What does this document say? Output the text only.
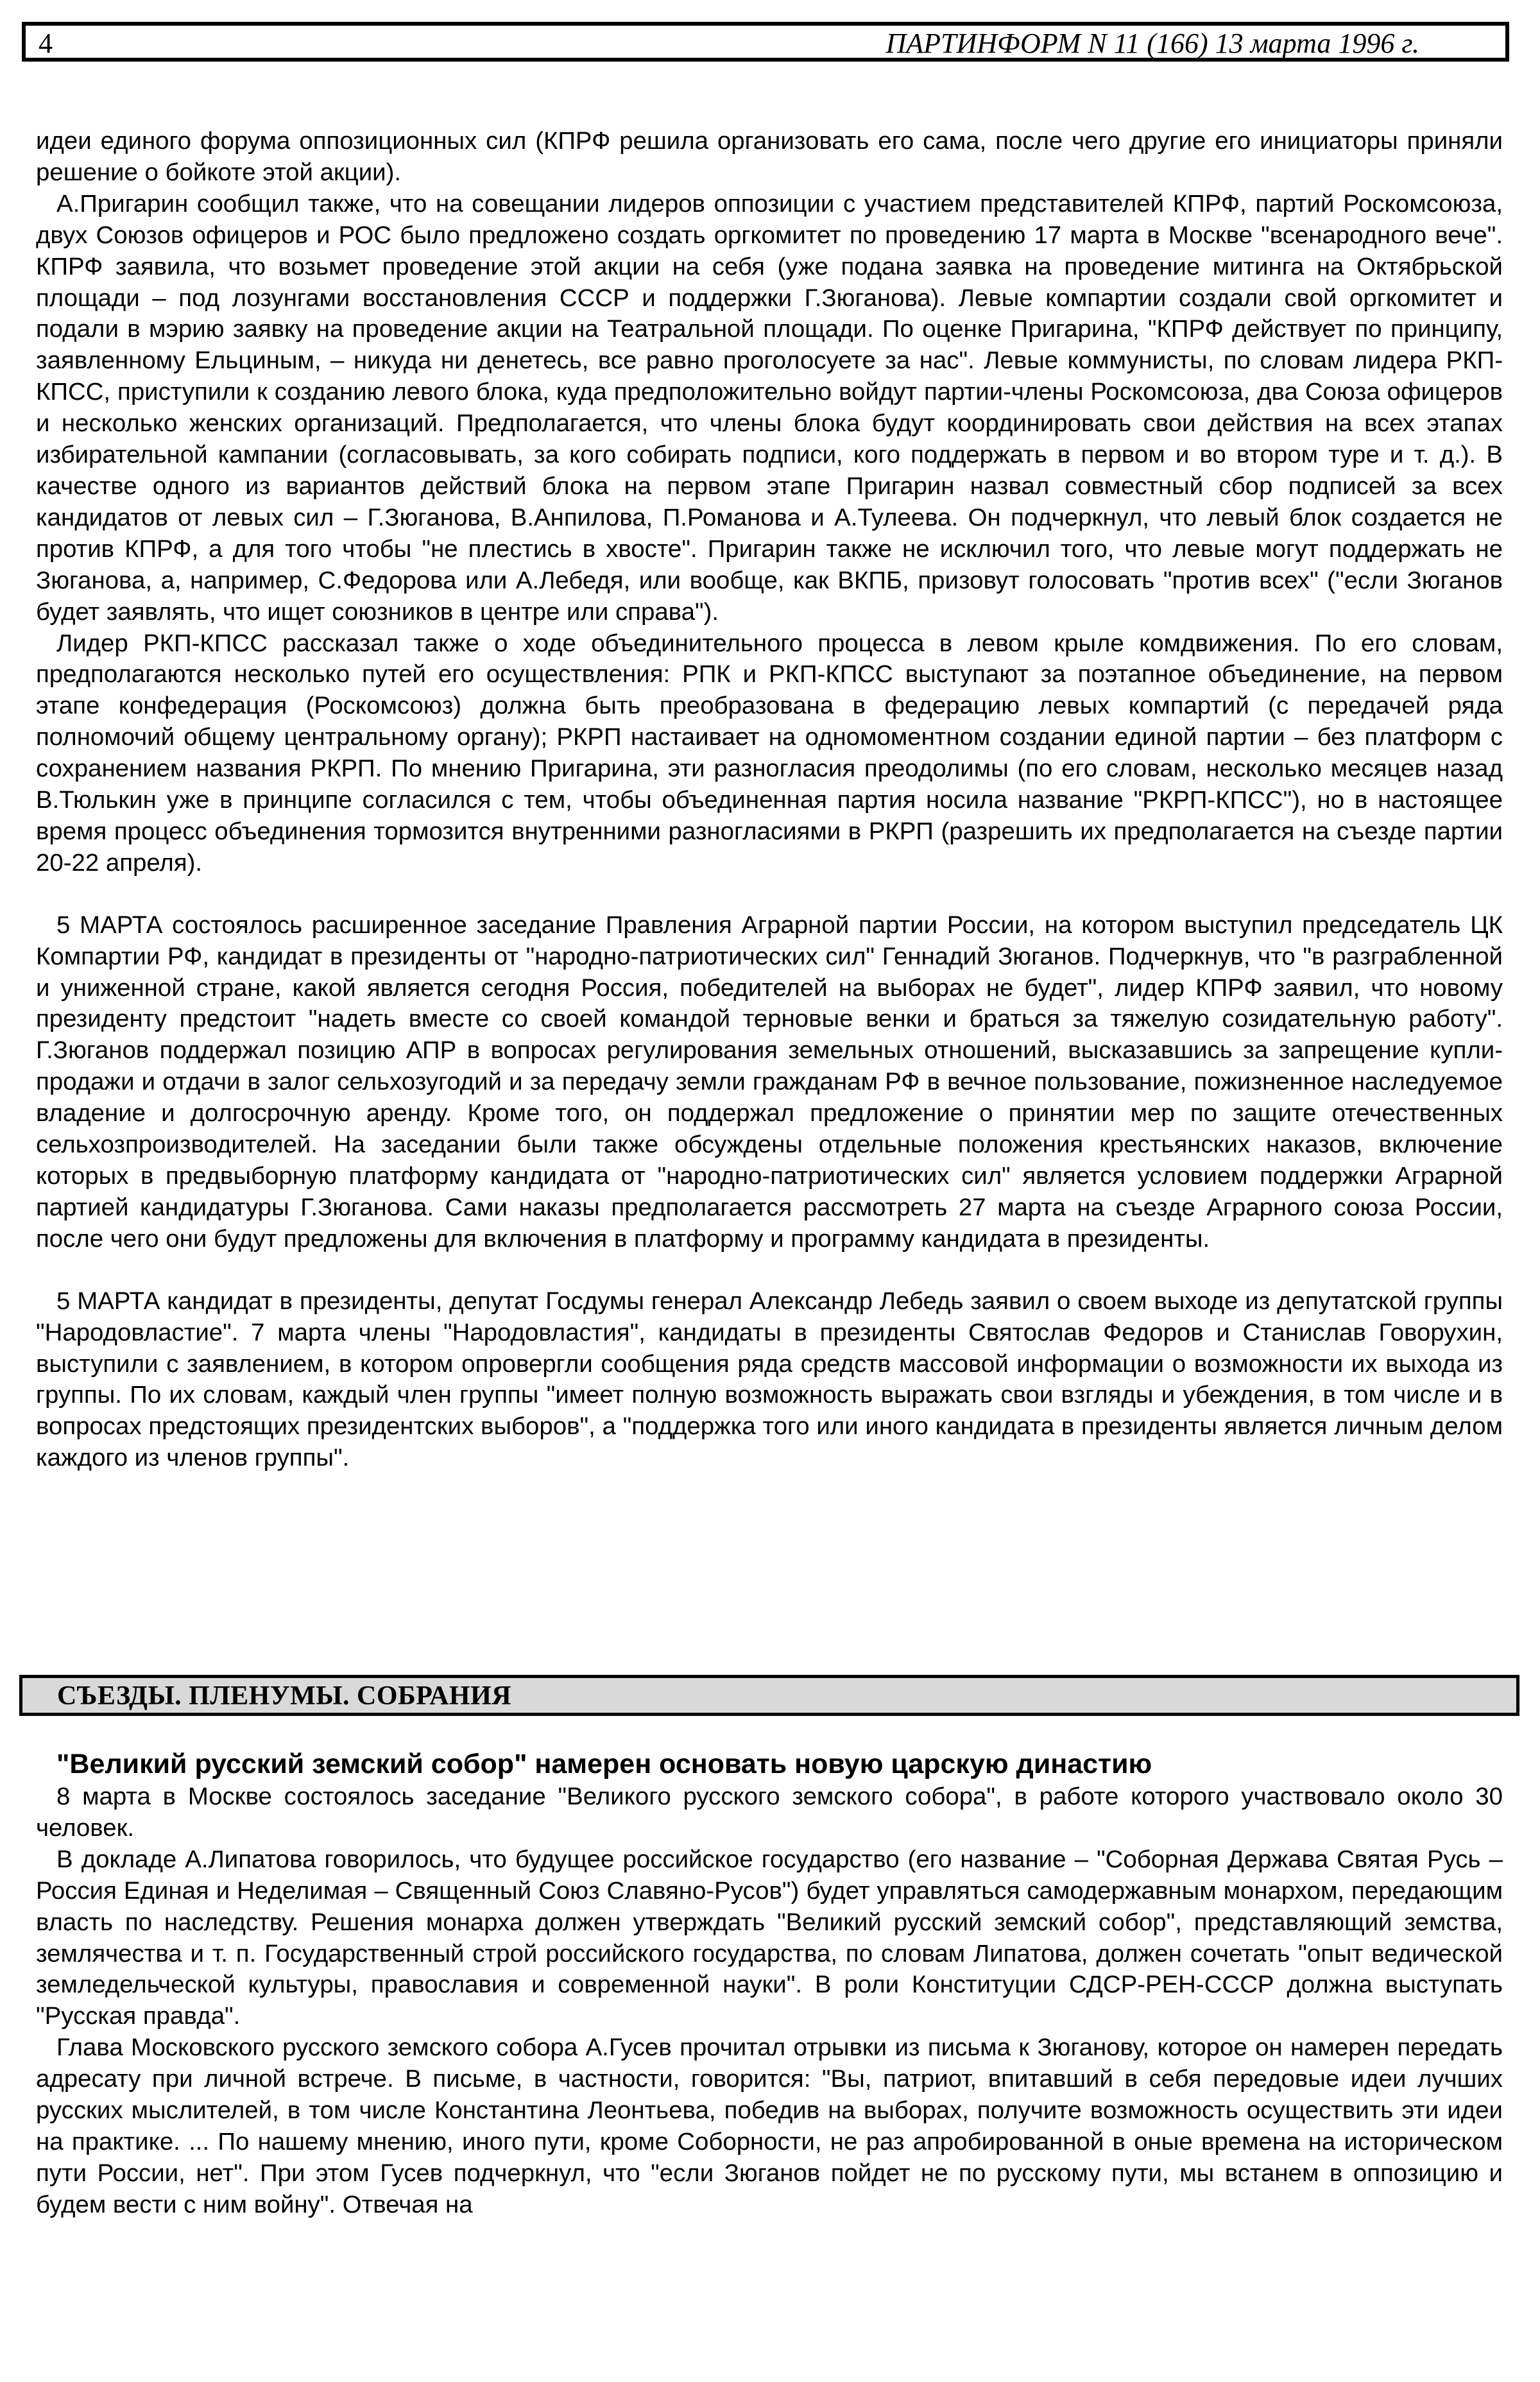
4	ПАРТИНФОРМ N 11 (166) 13 марта 1996 г.

идеи единого форума оппозиционных сил (КПРФ решила организовать его сама, после чего другие его инициаторы приняли решение о бойкоте этой акции).

А.Пригарин сообщил также, что на совещании лидеров оппозиции с участием представителей КПРФ, партий Роскомсоюза, двух Союзов офицеров и РОС было предложено создать оргкомитет по проведению 17 марта в Москве "всенародного вече". КПРФ заявила, что возьмет проведение этой акции на себя (уже подана заявка на проведение митинга на Октябрьской площади – под лозунгами восстановления СССР и поддержки Г.Зюганова). Левые компартии создали свой оргкомитет и подали в мэрию заявку на проведение акции на Театральной площади. По оценке Пригарина, "КПРФ действует по принципу, заявленному Ельциным, – никуда ни денетесь, все равно проголосуете за нас". Левые коммунисты, по словам лидера РКП-КПСС, приступили к созданию левого блока, куда предположительно войдут партии-члены Роскомсоюза, два Союза офицеров и несколько женских организаций. Предполагается, что члены блока будут координировать свои действия на всех этапах избирательной кампании (согласовывать, за кого собирать подписи, кого поддержать в первом и во втором туре и т. д.). В качестве одного из вариантов действий блока на первом этапе Пригарин назвал совместный сбор подписей за всех кандидатов от левых сил – Г.Зюганова, В.Анпилова, П.Романова и А.Тулеева. Он подчеркнул, что левый блок создается не против КПРФ, а для того чтобы "не плестись в хвосте". Пригарин также не исключил того, что левые могут поддержать не Зюганова, а, например, С.Федорова или А.Лебедя, или вообще, как ВКПБ, призовут голосовать "против всех" ("если Зюганов будет заявлять, что ищет союзников в центре или справа").

Лидер РКП-КПСС рассказал также о ходе объединительного процесса в левом крыле комдвижения. По его словам, предполагаются несколько путей его осуществления: РПК и РКП-КПСС выступают за поэтапное объединение, на первом этапе конфедерация (Роскомсоюз) должна быть преобразована в федерацию левых компартий (с передачей ряда полномочий общему центральному органу); РКРП настаивает на одномоментном создании единой партии – без платформ с сохранением названия РКРП. По мнению Пригарина, эти разногласия преодолимы (по его словам, несколько месяцев назад В.Тюлькин уже в принципе согласился с тем, чтобы объединенная партия носила название "РКРП-КПСС"), но в настоящее время процесс объединения тормозится внутренними разногласиями в РКРП (разрешить их предполагается на съезде партии 20-22 апреля).

5 МАРТА состоялось расширенное заседание Правления Аграрной партии России, на котором выступил председатель ЦК Компартии РФ, кандидат в президенты от "народно-патриотических сил" Геннадий Зюганов. Подчеркнув, что "в разграбленной и униженной стране, какой является сегодня Россия, победителей на выборах не будет", лидер КПРФ заявил, что новому президенту предстоит "надеть вместе со своей командой терновые венки и браться за тяжелую созидательную работу". Г.Зюганов поддержал позицию АПР в вопросах регулирования земельных отношений, высказавшись за запрещение купли-продажи и отдачи в залог сельхозугодий и за передачу земли гражданам РФ в вечное пользование, пожизненное наследуемое владение и долгосрочную аренду. Кроме того, он поддержал предложение о принятии мер по защите отечественных сельхозпроизводителей. На заседании были также обсуждены отдельные положения крестьянских наказов, включение которых в предвыборную платформу кандидата от "народно-патриотических сил" является условием поддержки Аграрной партией кандидатуры Г.Зюганова. Сами наказы предполагается рассмотреть 27 марта на съезде Аграрного союза России, после чего они будут предложены для включения в платформу и программу кандидата в президенты.

5 МАРТА кандидат в президенты, депутат Госдумы генерал Александр Лебедь заявил о своем выходе из депутатской группы "Народовластие". 7 марта члены "Народовластия", кандидаты в президенты Святослав Федоров и Станислав Говорухин, выступили с заявлением, в котором опровергли сообщения ряда средств массовой информации о возможности их выхода из группы. По их словам, каждый член группы "имеет полную возможность выражать свои взгляды и убеждения, в том числе и в вопросах предстоящих президентских выборов", а "поддержка того или иного кандидата в президенты является личным делом каждого из членов группы".

СЪЕЗДЫ. ПЛЕНУМЫ. СОБРАНИЯ

"Великий русский земский собор" намерен основать новую царскую династию

8 марта в Москве состоялось заседание "Великого русского земского собора", в работе которого участвовало около 30 человек.

В докладе А.Липатова говорилось, что будущее российское государство (его название – "Соборная Держава Святая Русь – Россия Единая и Неделимая – Священный Союз Славяно-Русов") будет управляться самодержавным монархом, передающим власть по наследству. Решения монарха должен утверждать "Великий русский земский собор", представляющий земства, землячества и т. п. Государственный строй российского государства, по словам Липатова, должен сочетать "опыт ведической земледельческой культуры, православия и современной науки". В роли Конституции СДСР-РЕН-СССР должна выступать "Русская правда".

Глава Московского русского земского собора А.Гусев прочитал отрывки из письма к Зюганову, которое он намерен передать адресату при личной встрече. В письме, в частности, говорится: "Вы, патриот, впитавший в себя передовые идеи лучших русских мыслителей, в том числе Константина Леонтьева, победив на выборах, получите возможность осуществить эти идеи на практике. ... По нашему мнению, иного пути, кроме Соборности, не раз апробированной в оные времена на историческом пути России, нет". При этом Гусев подчеркнул, что "если Зюганов пойдет не по русскому пути, мы встанем в оппозицию и будем вести с ним войну". Отвечая на
